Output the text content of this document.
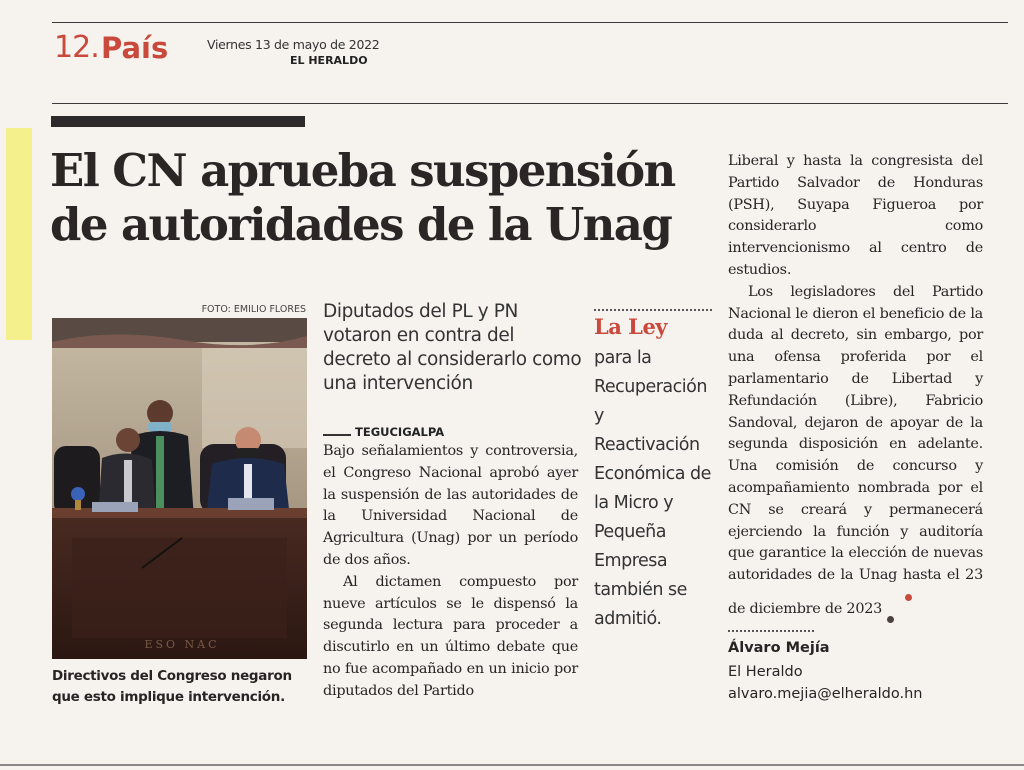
12. País	Viernes 13 de mayo de 2022
EL HERALDO
El CN aprueba suspensión
de autoridades de la Unag
FOTO: EMILIO FLORES
ESO NAC
Directivos del Congreso negaron que esto implique intervención.
Diputados del PL y PN votaron en contra del decreto al considerarlo como una intervención
TEGUCIGALPA

Bajo señalamientos y controversia, el Congreso Nacional aprobó ayer la suspensión de las autoridades de la Universidad Nacional de Agricultura (Unag) por un período de dos años.

Al dictamen compuesto por nueve artículos se le dispensó la segunda lectura para proceder a discutirlo en un último debate que no fue acompañado en un inicio por diputados del Partido

La Ley
para la Recuperación y Reactivación Económica de la Micro y Pequeña Empresa también se admitió.

Liberal y hasta la congresista del Partido Salvador de Honduras (PSH), Suyapa Figueroa por considerarlo como intervencionismo al centro de estudios.

Los legisladores del Partido Nacional le dieron el beneficio de la duda al decreto, sin embargo, por una ofensa proferida por el parlamentario de Libertad y Refundación (Libre), Fabricio Sandoval, dejaron de apoyar de la segunda disposición en adelante. Una comisión de concurso y acompañamiento nombrada por el CN se creará y permanecerá ejerciendo la función y auditoría que garantice la elección de nuevas autoridades de la Unag hasta el 23 de diciembre de 2023

Álvaro Mejía
El Heraldo
alvaro.mejia@elheraldo.hn
